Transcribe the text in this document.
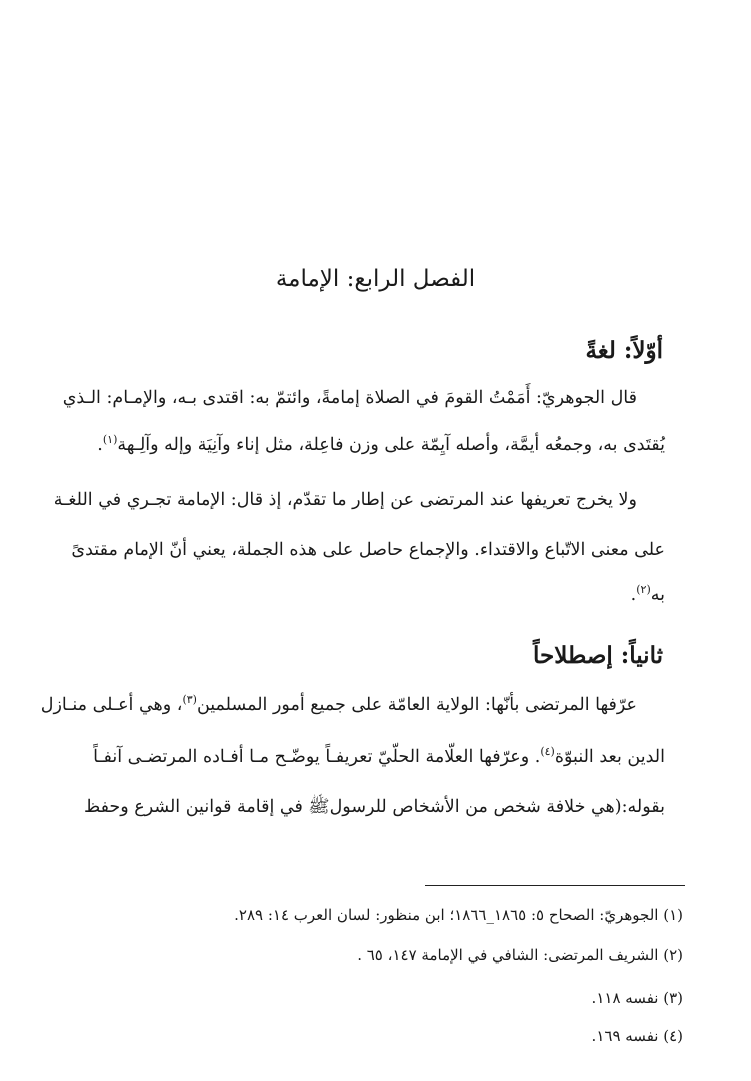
الفصل الرابع: الإمامة
أوّلاً: لغةً
قال الجوهريّ: أَمَمْتُ القومَ في الصلاة إمامةً، وائتمّ به: اقتدى بـه، والإمـام: الـذي
يُقتَدى به، وجمعُه أيمَّة، وأصله آيِمّة على وزن فاعِلة، مثل إناء وآنِيَة وإله وآلِـهة$^{(١)}$.
ولا يخرج تعريفها عند المرتضى عن إطار ما تقدّم، إذ قال: الإمامة تجـري في اللغـة
على معنى الاتّباع والاقتداء. والإجماع حاصل على هذه الجملة، يعني أنّ الإمام مقتدىً
به$^{(٢)}$.
ثانياً: إصطلاحاً
عرّفها المرتضى بأنّها: الولاية العامّة على جميع أمور المسلمين$^{(٣)}$، وهي أعـلى منـازل
الدين بعد النبوّة$^{(٤)}$. وعرّفها العلّامة الحلّيّ تعريفـاً يوضّـح مـا أفـاده المرتضـى آنفـاً
بقوله:(هي خلافة شخص من الأشخاص للرسولﷺ في إقامة قوانين الشرع وحفظ
(١) الجوهريّ: الصحاح ٥: ١٨٦٥_١٨٦٦؛ ابن منظور: لسان العرب ١٤: ٢٨٩.
(٢) الشريف المرتضى: الشافي في الإمامة ١٤٧، ٦٥ .
(٣) نفسه ١١٨.
(٤) نفسه ١٦٩.
